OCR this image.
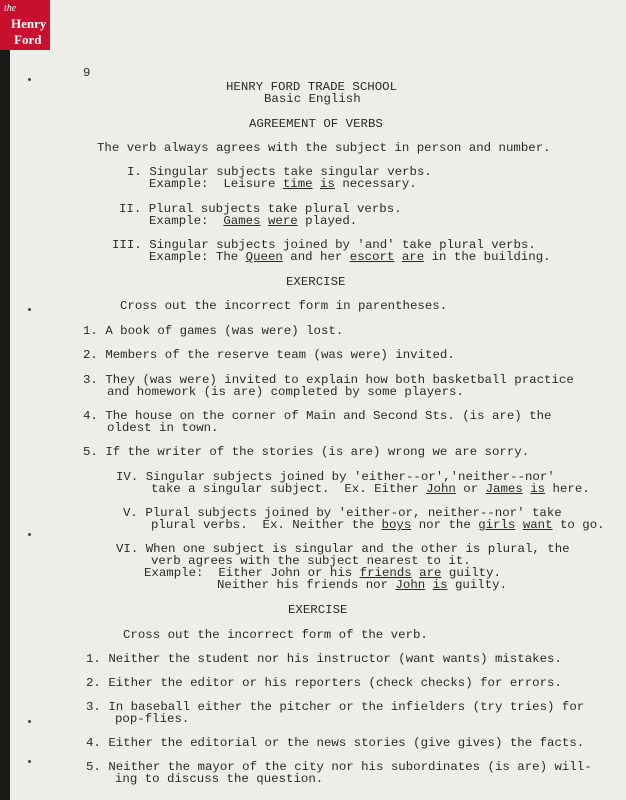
the
Henry
Ford
9
HENRY FORD TRADE SCHOOL
Basic English
AGREEMENT OF VERBS
The verb always agrees with the subject in person and number.
I. Singular subjects take singular verbs.
Example:  Leisure time is necessary.
II. Plural subjects take plural verbs.
Example:  Games were played.
III. Singular subjects joined by 'and' take plural verbs.
Example: The Queen and her escort are in the building.
EXERCISE
Cross out the incorrect form in parentheses.
1. A book of games (was were) lost.
2. Members of the reserve team (was were) invited.
3. They (was were) invited to explain how both basketball practice
and homework (is are) completed by some players.
4. The house on the corner of Main and Second Sts. (is are) the
oldest in town.
5. If the writer of the stories (is are) wrong we are sorry.
IV. Singular subjects joined by 'either--or','neither--nor'
take a singular subject.  Ex. Either John or James is here.
V. Plural subjects joined by 'either-or, neither--nor' take
plural verbs.  Ex. Neither the boys nor the girls want to go.
VI. When one subject is singular and the other is plural, the
verb agrees with the subject nearest to it.
Example:  Either John or his friends are guilty.
Neither his friends nor John is guilty.
EXERCISE
Cross out the incorrect form of the verb.
1. Neither the student nor his instructor (want wants) mistakes.
2. Either the editor or his reporters (check checks) for errors.
3. In baseball either the pitcher or the infielders (try tries) for
pop-flies.
4. Either the editorial or the news stories (give gives) the facts.
5. Neither the mayor of the city nor his subordinates (is are) will-
ing to discuss the question.
